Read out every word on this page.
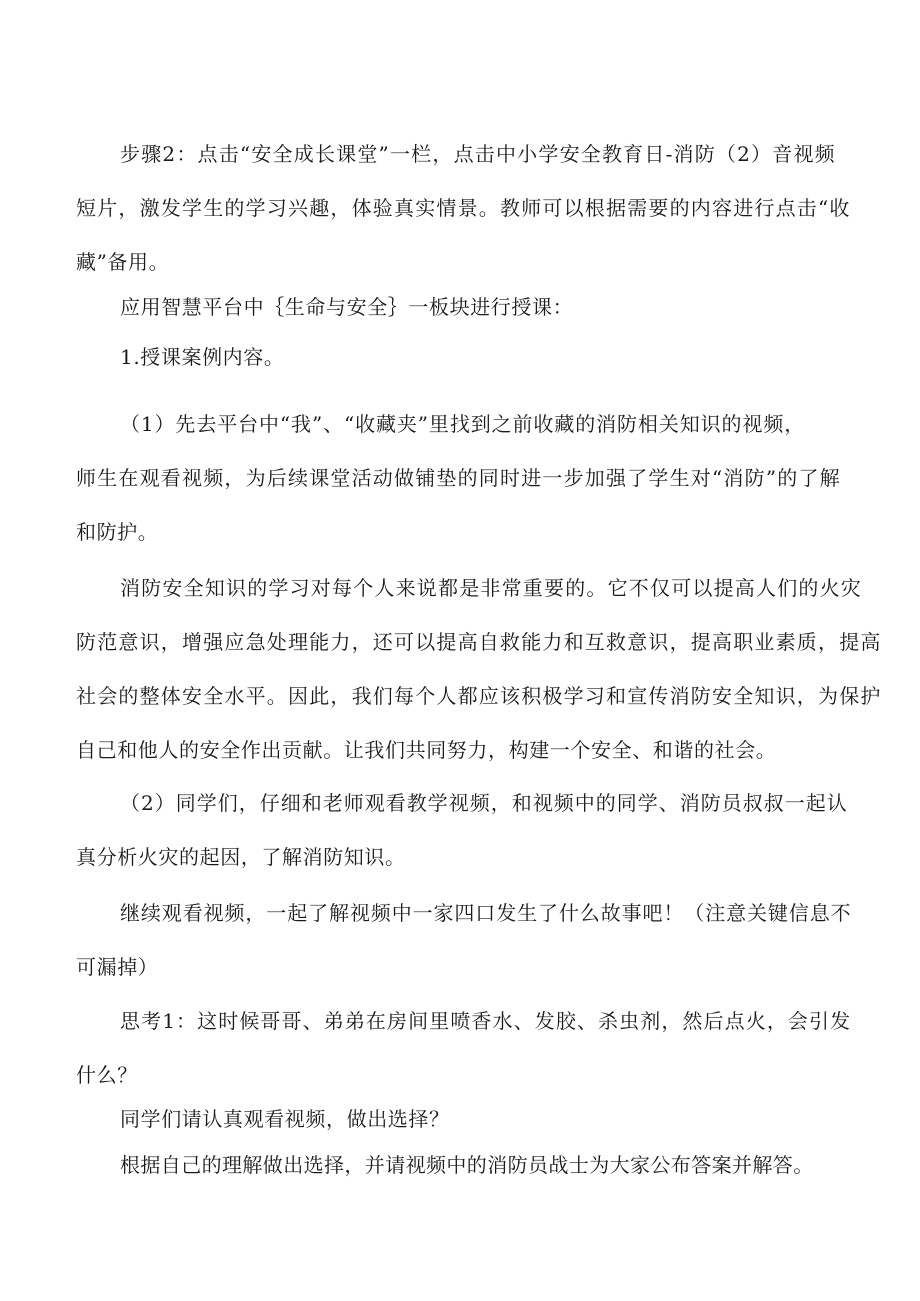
步骤2：点击“安全成长课堂”一栏，点击中小学安全教育日-消防（2）音视频
短片，激发学生的学习兴趣，体验真实情景。教师可以根据需要的内容进行点击“收
藏”备用。
应用智慧平台中｛生命与安全｝一板块进行授课：
1.授课案例内容。
（1）先去平台中“我”、“收藏夹”里找到之前收藏的消防相关知识的视频，
师生在观看视频，为后续课堂活动做铺垫的同时进一步加强了学生对“消防”的了解
和防护。
消防安全知识的学习对每个人来说都是非常重要的。它不仅可以提高人们的火灾
防范意识，增强应急处理能力，还可以提高自救能力和互救意识，提高职业素质，提高
社会的整体安全水平。因此，我们每个人都应该积极学习和宣传消防安全知识，为保护
自己和他人的安全作出贡献。让我们共同努力，构建一个安全、和谐的社会。
（2）同学们，仔细和老师观看教学视频，和视频中的同学、消防员叔叔一起认
真分析火灾的起因，了解消防知识。
继续观看视频，一起了解视频中一家四口发生了什么故事吧！（注意关键信息不
可漏掉）
思考1：这时候哥哥、弟弟在房间里喷香水、发胶、杀虫剂，然后点火，会引发
什么？
同学们请认真观看视频，做出选择？
根据自己的理解做出选择，并请视频中的消防员战士为大家公布答案并解答。
